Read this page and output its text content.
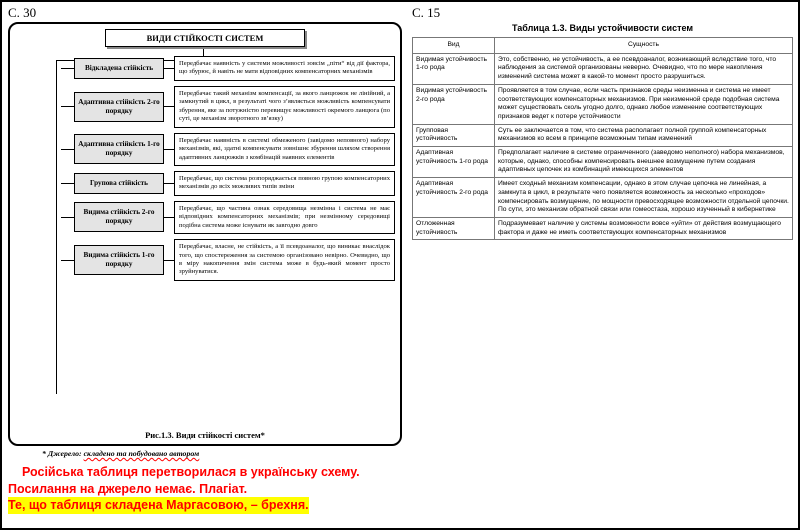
С. 30
ВИДИ СТІЙКОСТІ СИСТЕМ
Відкладена стійкість
Передбачає наявність у системи можливості зовсім „піти“ від дії фактора, що збурює, й навіть не мати відповідних компенсаторних механізмів
Адаптивна стійкість 2-го порядку
Передбачає такий механізм компенсації, за якого ланцюжок не лінійний, а замкнутий в цикл, в результаті чого з’являється можливість компенсувати збурення, яке за потужністю перевищує можливості окремого ланцюга (по суті, це механізм зворотного зв’язку)
Адаптивна стійкість 1-го порядку
Передбачає наявність в системі обмеженого (завідомо неповного) набору механізмів, які, здатні компенсувати зовнішнє збурення шляхом створення адаптивних ланцюжків з комбінацій наявних елементів
Групова стійкість
Передбачає, що система розпоряджається повною групою компенсаторних механізмів до всіх можливих типів зміни
Видима стійкість 2-го порядку
Передбачає, що частина ознак середовища незмінна і система не має відповідних компенсаторних механізмів; при незмінному середовищі подібна система може існувати як завгодно довго
Видима стійкість 1-го порядку
Передбачає, власне, не стійкість, а її псевдоаналог, що виникає внаслідок того, що спостереження за системою організовано невірно. Очевидно, що в міру накопичення змін система може в будь-який момент просто зруйнуватися.
Рис.1.3. Види стійкості систем*
* Джерело: складено та побудовано автором
Російська таблиця перетворилася в українську схему.
Посилання на джерело немає. Плагіат.
Те, що таблиця складена Маргасовою, – брехня.
С. 15
Таблица 1.3. Виды устойчивости систем
Вид	Сущность
Видимая устойчивость 1-го рода	Это, собственно, не устойчивость, а ее псевдоаналог, возникающий вследствие того, что наблюдения за системой организованы неверно. Очевидно, что по мере накопления изменений система может в какой-то момент просто разрушиться.
Видимая устойчивость 2-го рода	Проявляется в том случае, если часть признаков среды неизменна и система не имеет соответствующих компенсаторных механизмов. При неизменной среде подобная система может существовать сколь угодно долго, однако любое изменение соответствующих признаков ведет к потере устойчивости
Групповая устойчивость	Суть ее заключается в том, что система располагает полной группой компенсаторных механизмов ко всем в принципе возможным типам изменений
Адаптивная устойчивость 1-го рода	Предполагает наличие в системе ограниченного (заведомо неполного) набора механизмов, которые, однако, способны компенсировать внешнее возмущение путем создания адаптивных цепочек из комбинаций имеющихся элементов
Адаптивная устойчивость 2-го рода	Имеет сходный механизм компенсации, однако в этом случае цепочка не линейная, а замкнута в цикл, в результате чего появляется возможность за несколько «проходов» компенсировать возмущение, по мощности превосходящее возможности отдельной цепочки. По сути, это механизм обратной связи или гомеостаза, хорошо изученный в кибернетике
Отложенная устойчивость	Подразумевает наличие у системы возможности вовсе «уйти» от действия возмущающего фактора и даже не иметь соответствующих компенсаторных механизмов
